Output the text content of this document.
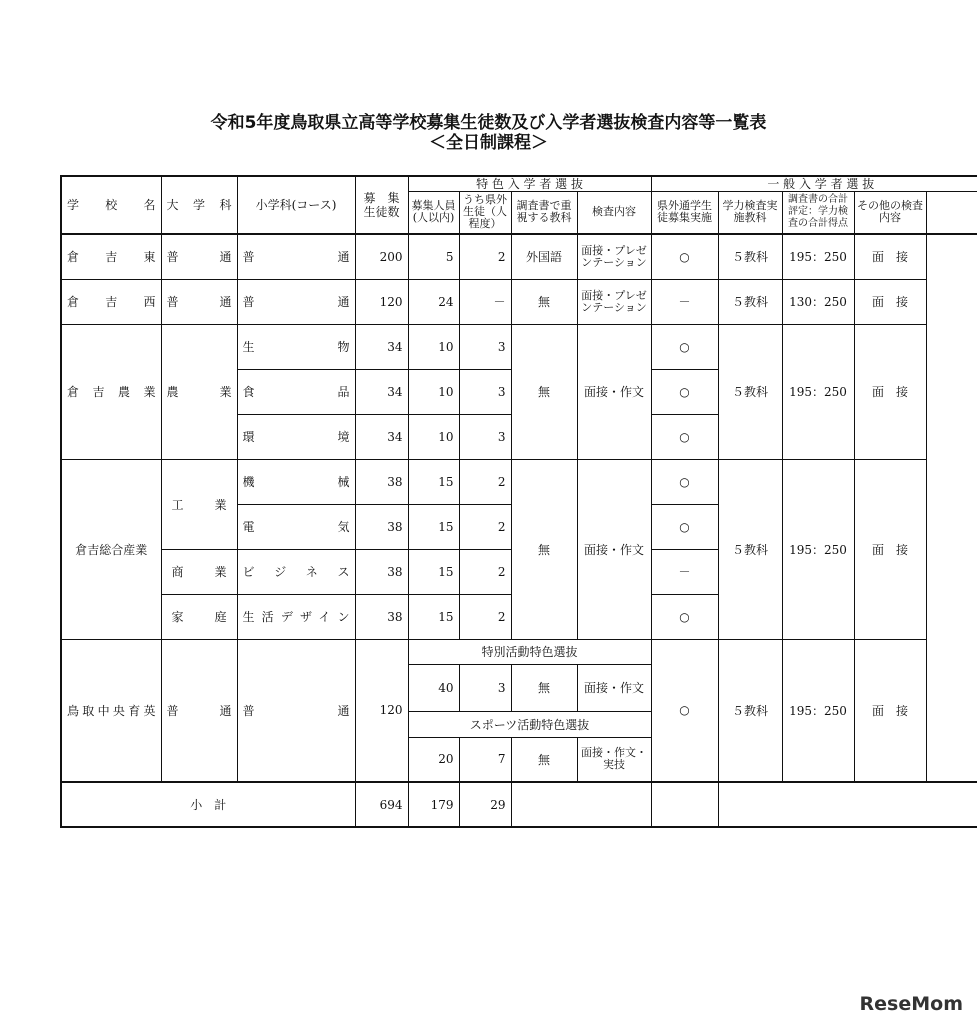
令和5年度鳥取県立高等学校募集生徒数及び入学者選抜検査内容等一覧表
＜全日制課程＞
学　校　名	大学科	小学科(コース)	募　集 生徒数	特 色 入 学 者 選 抜				一 般 入 学 者 選 抜			
				募集人員(人以内)	うち県外生徒（人程度）	調査書で重視する教科	検査内容	県外通学生徒募集実施	学力検査実施教科	調査書の合計評定：学力検査の合計得点	その他の検査内容
倉吉東	普通	普通	200	5	2	外国語	面接・プレゼンテーション	○	５教科	195：250	面　接
倉吉西	普通	普通	120	24	－	無	面接・プレゼンテーション	－	５教科	130：250	面　接
倉吉農業	農業	生物	34	10	3	無	面接・作文	○	５教科	195：250	面　接
		食品	34	10	3			○			
		環境	34	10	3			○			
倉吉総合産業	工業	機械	38	15	2	無	面接・作文	○	５教科	195：250	面　接
		電気	38	15	2			○			
	商業	ビジネス	38	15	2			－			
	家庭	生活デザイン	38	15	2			○			
鳥取中央育英	普通	普通	120	特別活動特色選抜				○	５教科	195：250	面　接
				40	3	無	面接・作文				
				スポーツ活動特色選抜							
				20	7	無	面接・作文・実技				
小　計			694	179	29						
ReseMom
